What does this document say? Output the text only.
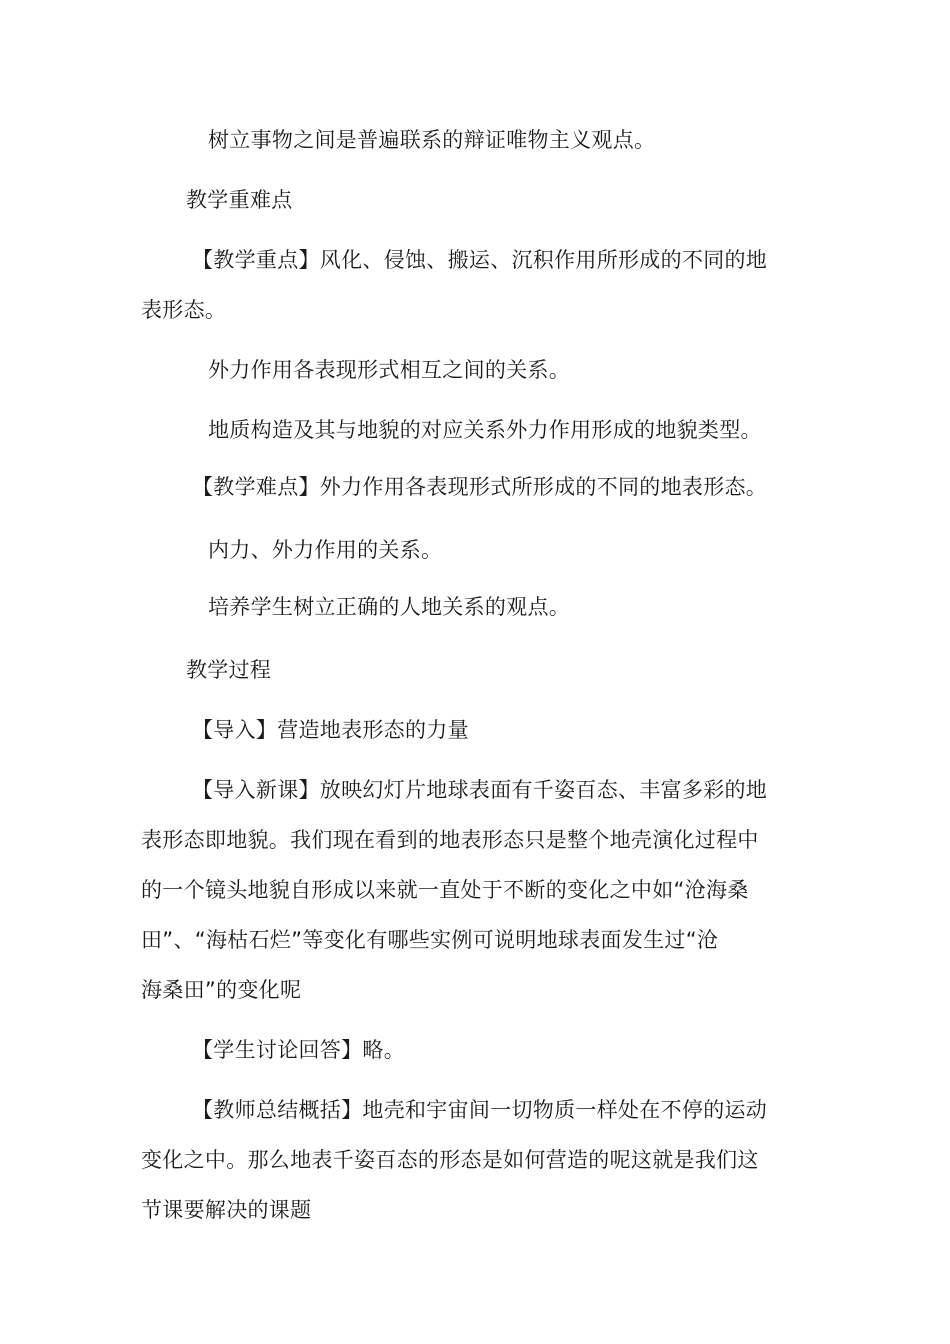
树立事物之间是普遍联系的辩证唯物主义观点。
教学重难点
【教学重点】风化、侵蚀、搬运、沉积作用所形成的不同的地
表形态。
外力作用各表现形式相互之间的关系。
地质构造及其与地貌的对应关系外力作用形成的地貌类型。
【教学难点】外力作用各表现形式所形成的不同的地表形态。
内力、外力作用的关系。
培养学生树立正确的人地关系的观点。
教学过程
【导入】营造地表形态的力量
【导入新课】放映幻灯片地球表面有千姿百态、丰富多彩的地
表形态即地貌。我们现在看到的地表形态只是整个地壳演化过程中
的一个镜头地貌自形成以来就一直处于不断的变化之中如“沧海桑
田”、“海枯石烂”等变化有哪些实例可说明地球表面发生过“沧
海桑田”的变化呢
【学生讨论回答】略。
【教师总结概括】地壳和宇宙间一切物质一样处在不停的运动
变化之中。那么地表千姿百态的形态是如何营造的呢这就是我们这
节课要解决的课题
